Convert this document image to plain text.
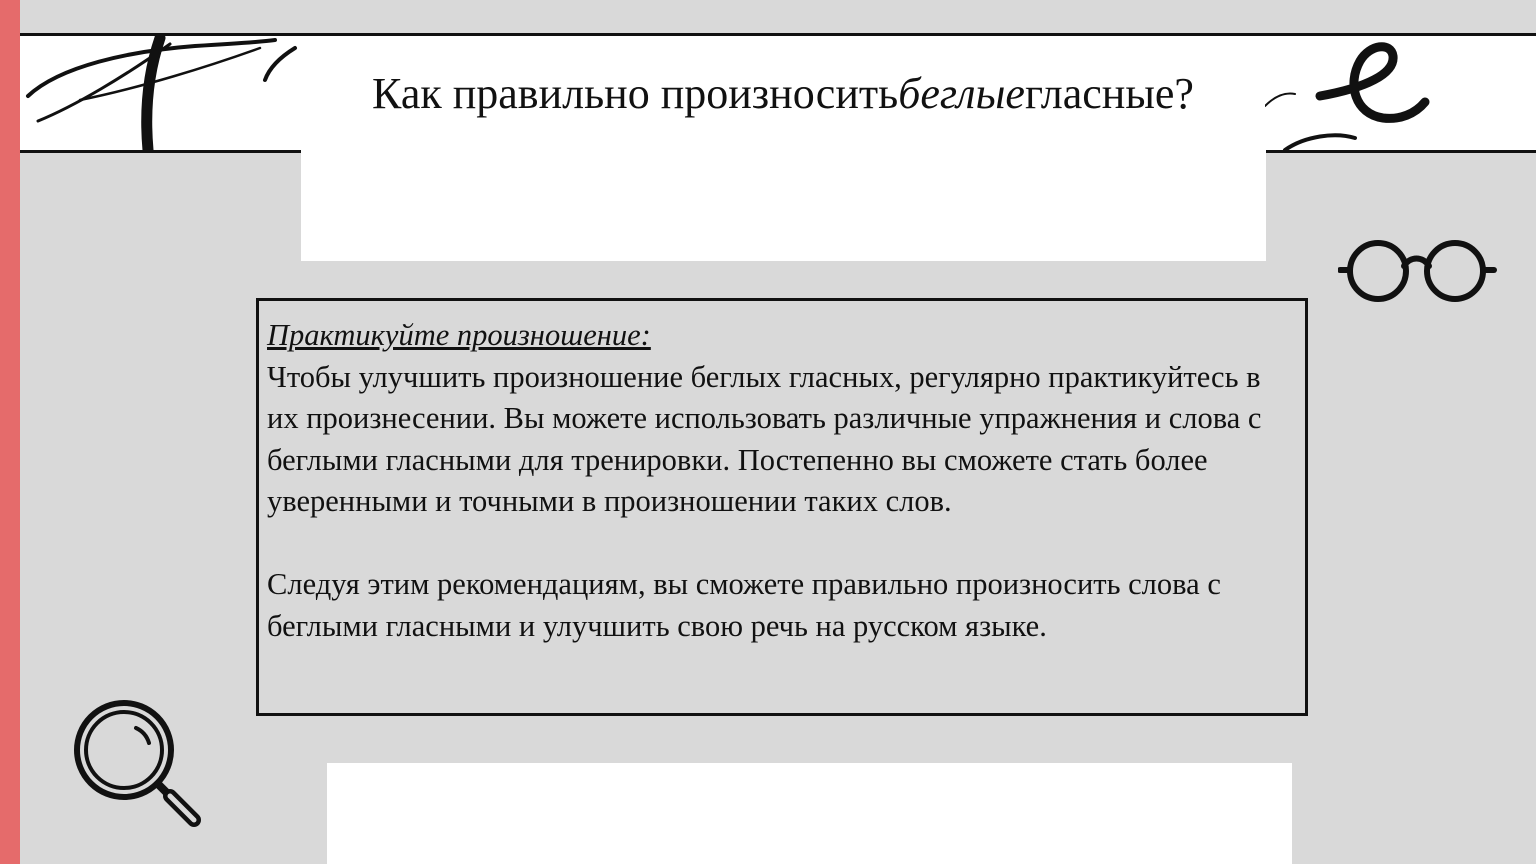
Как правильно произносить беглые гласные?
Практикуйте произношение:

Чтобы улучшить произношение беглых гласных, регулярно практикуйтесь в их произнесении. Вы можете использовать различные упражнения и слова с беглыми гласными для тренировки. Постепенно вы сможете стать более уверенными и точными в произношении таких слов.

Следуя этим рекомендациям, вы сможете правильно произносить слова с беглыми гласными и улучшить свою речь на русском языке.
